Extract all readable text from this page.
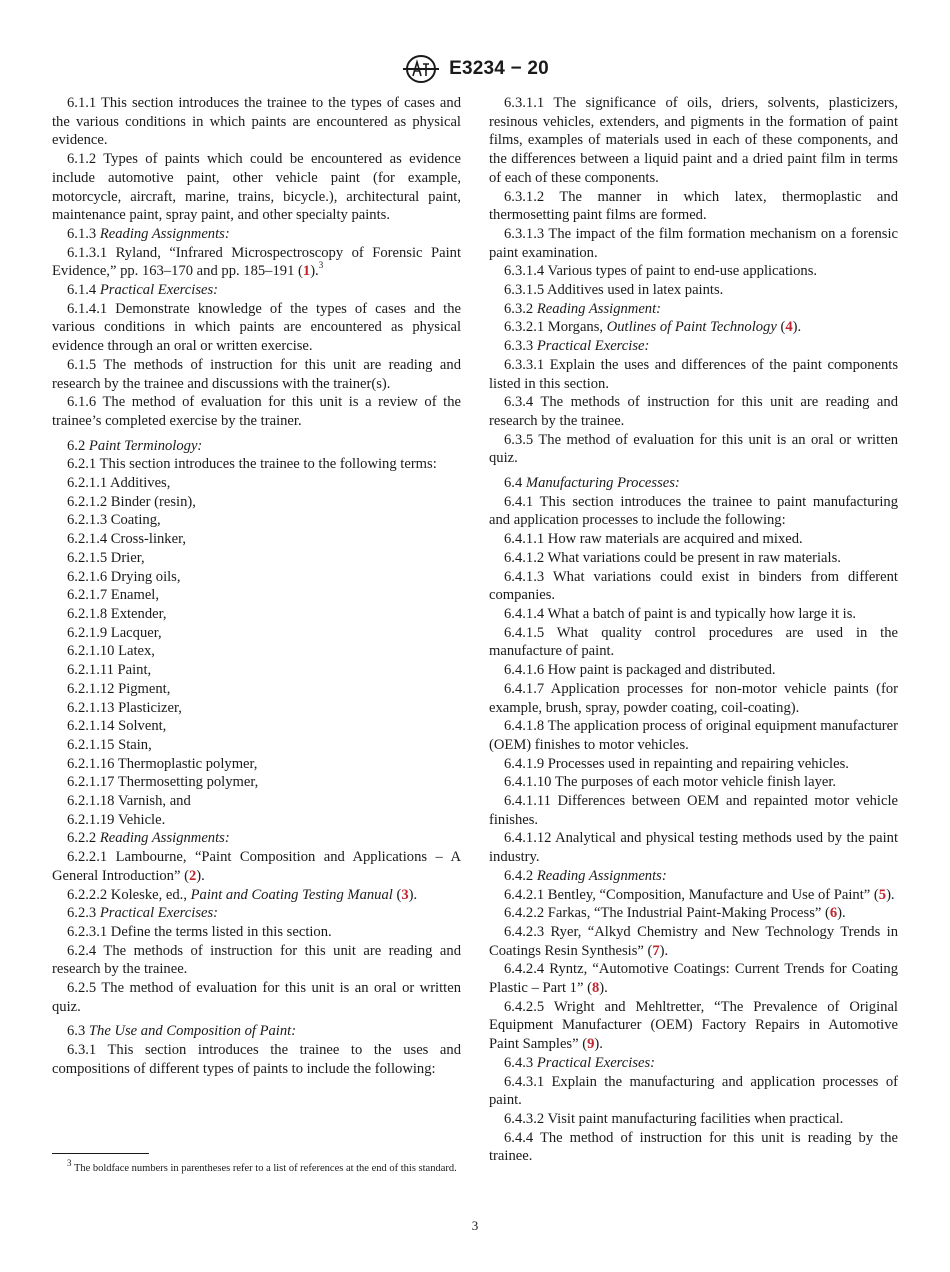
E3234 − 20

6.1.1 This section introduces the trainee to the types of cases and the various conditions in which paints are encountered as physical evidence.

6.1.2 Types of paints which could be encountered as evidence include automotive paint, other vehicle paint (for example, motorcycle, aircraft, marine, trains, bicycle.), architectural paint, maintenance paint, spray paint, and other specialty paints.

6.1.3 Reading Assignments:

6.1.3.1 Ryland, “Infrared Microspectroscopy of Forensic Paint Evidence,” pp. 163–170 and pp. 185–191 (1).$^3$

6.1.4 Practical Exercises:

6.1.4.1 Demonstrate knowledge of the types of cases and the various conditions in which paints are encountered as physical evidence through an oral or written exercise.

6.1.5 The methods of instruction for this unit are reading and research by the trainee and discussions with the trainer(s).

6.1.6 The method of evaluation for this unit is a review of the trainee’s completed exercise by the trainer.

6.2 Paint Terminology:

6.2.1 This section introduces the trainee to the following terms:

6.2.1.1 Additives,

6.2.1.2 Binder (resin),

6.2.1.3 Coating,

6.2.1.4 Cross-linker,

6.2.1.5 Drier,

6.2.1.6 Drying oils,

6.2.1.7 Enamel,

6.2.1.8 Extender,

6.2.1.9 Lacquer,

6.2.1.10 Latex,

6.2.1.11 Paint,

6.2.1.12 Pigment,

6.2.1.13 Plasticizer,

6.2.1.14 Solvent,

6.2.1.15 Stain,

6.2.1.16 Thermoplastic polymer,

6.2.1.17 Thermosetting polymer,

6.2.1.18 Varnish, and

6.2.1.19 Vehicle.

6.2.2 Reading Assignments:

6.2.2.1 Lambourne, “Paint Composition and Applications – A General Introduction” (2).

6.2.2.2 Koleske, ed., Paint and Coating Testing Manual (3).

6.2.3 Practical Exercises:

6.2.3.1 Define the terms listed in this section.

6.2.4 The methods of instruction for this unit are reading and research by the trainee.

6.2.5 The method of evaluation for this unit is an oral or written quiz.

6.3 The Use and Composition of Paint:

6.3.1 This section introduces the trainee to the uses and compositions of different types of paints to include the following:

6.3.1.1 The significance of oils, driers, solvents, plasticizers, resinous vehicles, extenders, and pigments in the formation of paint films, examples of materials used in each of these components, and the differences between a liquid paint and a dried paint film in terms of each of these components.

6.3.1.2 The manner in which latex, thermoplastic and thermosetting paint films are formed.

6.3.1.3 The impact of the film formation mechanism on a forensic paint examination.

6.3.1.4 Various types of paint to end-use applications.

6.3.1.5 Additives used in latex paints.

6.3.2 Reading Assignment:

6.3.2.1 Morgans, Outlines of Paint Technology (4).

6.3.3 Practical Exercise:

6.3.3.1 Explain the uses and differences of the paint components listed in this section.

6.3.4 The methods of instruction for this unit are reading and research by the trainee.

6.3.5 The method of evaluation for this unit is an oral or written quiz.

6.4 Manufacturing Processes:

6.4.1 This section introduces the trainee to paint manufacturing and application processes to include the following:

6.4.1.1 How raw materials are acquired and mixed.

6.4.1.2 What variations could be present in raw materials.

6.4.1.3 What variations could exist in binders from different companies.

6.4.1.4 What a batch of paint is and typically how large it is.

6.4.1.5 What quality control procedures are used in the manufacture of paint.

6.4.1.6 How paint is packaged and distributed.

6.4.1.7 Application processes for non-motor vehicle paints (for example, brush, spray, powder coating, coil-coating).

6.4.1.8 The application process of original equipment manufacturer (OEM) finishes to motor vehicles.

6.4.1.9 Processes used in repainting and repairing vehicles.

6.4.1.10 The purposes of each motor vehicle finish layer.

6.4.1.11 Differences between OEM and repainted motor vehicle finishes.

6.4.1.12 Analytical and physical testing methods used by the paint industry.

6.4.2 Reading Assignments:

6.4.2.1 Bentley, “Composition, Manufacture and Use of Paint” (5).

6.4.2.2 Farkas, “The Industrial Paint-Making Process” (6).

6.4.2.3 Ryer, “Alkyd Chemistry and New Technology Trends in Coatings Resin Synthesis” (7).

6.4.2.4 Ryntz, “Automotive Coatings: Current Trends for Coating Plastic – Part 1” (8).

6.4.2.5 Wright and Mehltretter, “The Prevalence of Original Equipment Manufacturer (OEM) Factory Repairs in Automotive Paint Samples” (9).

6.4.3 Practical Exercises:

6.4.3.1 Explain the manufacturing and application processes of paint.

6.4.3.2 Visit paint manufacturing facilities when practical.

6.4.4 The method of instruction for this unit is reading by the trainee.

$^3$ The boldface numbers in parentheses refer to a list of references at the end of this standard.

3
